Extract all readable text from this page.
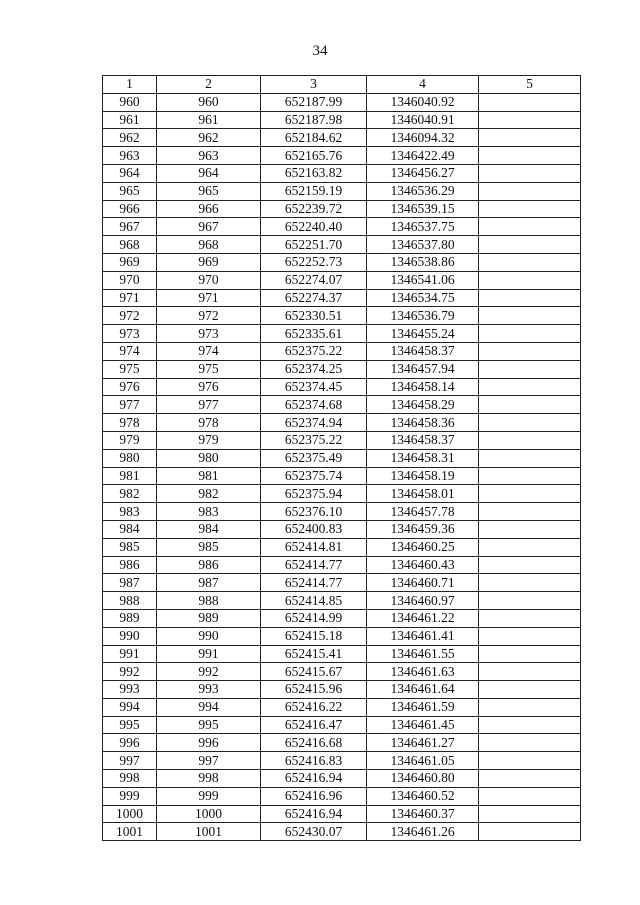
34
1	2	3	4	5
960	960	652187.99	1346040.92	
961	961	652187.98	1346040.91	
962	962	652184.62	1346094.32	
963	963	652165.76	1346422.49	
964	964	652163.82	1346456.27	
965	965	652159.19	1346536.29	
966	966	652239.72	1346539.15	
967	967	652240.40	1346537.75	
968	968	652251.70	1346537.80	
969	969	652252.73	1346538.86	
970	970	652274.07	1346541.06	
971	971	652274.37	1346534.75	
972	972	652330.51	1346536.79	
973	973	652335.61	1346455.24	
974	974	652375.22	1346458.37	
975	975	652374.25	1346457.94	
976	976	652374.45	1346458.14	
977	977	652374.68	1346458.29	
978	978	652374.94	1346458.36	
979	979	652375.22	1346458.37	
980	980	652375.49	1346458.31	
981	981	652375.74	1346458.19	
982	982	652375.94	1346458.01	
983	983	652376.10	1346457.78	
984	984	652400.83	1346459.36	
985	985	652414.81	1346460.25	
986	986	652414.77	1346460.43	
987	987	652414.77	1346460.71	
988	988	652414.85	1346460.97	
989	989	652414.99	1346461.22	
990	990	652415.18	1346461.41	
991	991	652415.41	1346461.55	
992	992	652415.67	1346461.63	
993	993	652415.96	1346461.64	
994	994	652416.22	1346461.59	
995	995	652416.47	1346461.45	
996	996	652416.68	1346461.27	
997	997	652416.83	1346461.05	
998	998	652416.94	1346460.80	
999	999	652416.96	1346460.52	
1000	1000	652416.94	1346460.37	
1001	1001	652430.07	1346461.26	
